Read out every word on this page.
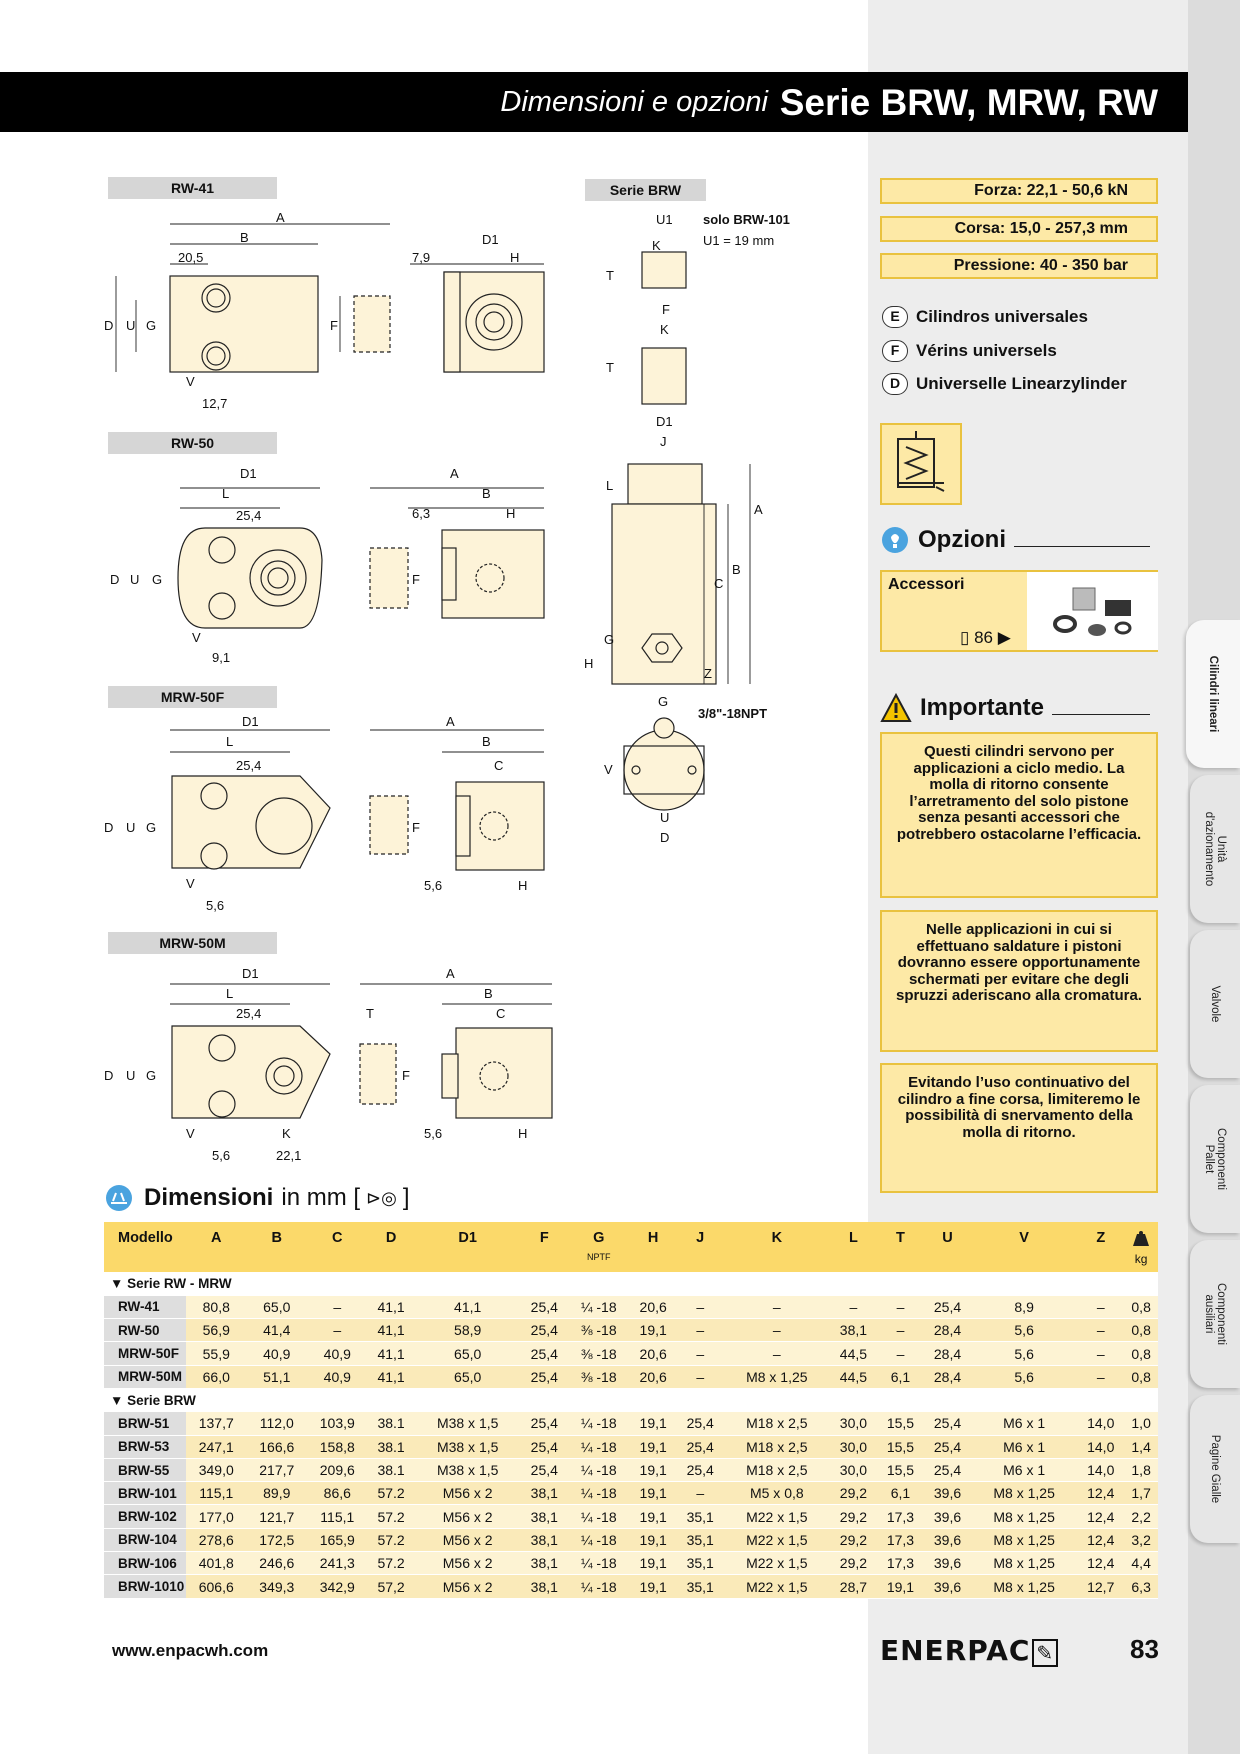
Cilindri lineari
Unità
d'azionamento
Valvole
Componenti
Pallet
Componenti
ausiliari
Pagine Gialle
Dimensioni e opzioni Serie BRW, MRW, RW
RW-41	Serie BRW
RW-50
MRW-50F
MRW-50M
A
B
20,5	7,9
D1
H
D U G	F
V
12,7
D1
L
25,4
A
B
6,3	H
D U G	F
V
9,1
D1
L
25,4
A
B
C
D U G	F
V
5,6
5,6	H
D1
L
25,4
A
B
C
T
D U G	F
V	K
5,6	22,1
5,6	H
U1
K
T
F
K
T
D1
J
L
A
B
C
G
H
Z
G
V
U
D
solo BRW-101
U1 = 19 mm
3/8"-18NPT
Forza: 22,1 - 50,6 kN
Corsa: 15,0 - 257,3 mm
Pressione: 40 - 350 bar
E Cilindros universales
F Vérins universels
D Universelle Linearzylinder
Opzioni
Accessori
▯ 86 ▶
Importante
Questi cilindri servono per applicazioni a ciclo medio. La molla di ritorno consente l’arretramento del solo pistone senza pesanti accessori che potrebbero ostacolarne l’efficacia.
Nelle applicazioni in cui si effettuano saldature i pistoni dovranno essere opportunamente schermati per evitare che degli spruzzi aderiscano alla cromatura.
Evitando l’uso continuativo del cilindro a fine corsa, limiteremo le possibilità di snervamento della molla di ritorno.
Dimensioni in mm [ ⊳◎ ]
Modello	A	B	C	D	D1	F	G
NPTF	H	J	K	L	T	U	V	Z	kg

▼ Serie RW - MRW																
RW-41	80,8	65,0	–	41,1	41,1	25,4	¼ -18	20,6	–	–	–	–	25,4	8,9	–	0,8
RW-50	56,9	41,4	–	41,1	58,9	25,4	⅜ -18	19,1	–	–	38,1	–	28,4	5,6	–	0,8
MRW-50F	55,9	40,9	40,9	41,1	65,0	25,4	⅜ -18	20,6	–	–	44,5	–	28,4	5,6	–	0,8
MRW-50M	66,0	51,1	40,9	41,1	65,0	25,4	⅜ -18	20,6	–	M8 x 1,25	44,5	6,1	28,4	5,6	–	0,8
▼ Serie BRW																
BRW-51	137,7	112,0	103,9	38.1	M38 x 1,5	25,4	¼ -18	19,1	25,4	M18 x 2,5	30,0	15,5	25,4	M6 x 1	14,0	1,0
BRW-53	247,1	166,6	158,8	38.1	M38 x 1,5	25,4	¼ -18	19,1	25,4	M18 x 2,5	30,0	15,5	25,4	M6 x 1	14,0	1,4
BRW-55	349,0	217,7	209,6	38.1	M38 x 1,5	25,4	¼ -18	19,1	25,4	M18 x 2,5	30,0	15,5	25,4	M6 x 1	14,0	1,8
BRW-101	115,1	89,9	86,6	57.2	M56 x 2	38,1	¼ -18	19,1	–	M5 x 0,8	29,2	6,1	39,6	M8 x 1,25	12,4	1,7
BRW-102	177,0	121,7	115,1	57.2	M56 x 2	38,1	¼ -18	19,1	35,1	M22 x 1,5	29,2	17,3	39,6	M8 x 1,25	12,4	2,2
BRW-104	278,6	172,5	165,9	57.2	M56 x 2	38,1	¼ -18	19,1	35,1	M22 x 1,5	29,2	17,3	39,6	M8 x 1,25	12,4	3,2
BRW-106	401,8	246,6	241,3	57.2	M56 x 2	38,1	¼ -18	19,1	35,1	M22 x 1,5	29,2	17,3	39,6	M8 x 1,25	12,4	4,4
BRW-1010	606,6	349,3	342,9	57,2	M56 x 2	38,1	¼ -18	19,1	35,1	M22 x 1,5	28,7	19,1	39,6	M8 x 1,25	12,7	6,3
www.enpacwh.com	ENERPAC ✎	83
